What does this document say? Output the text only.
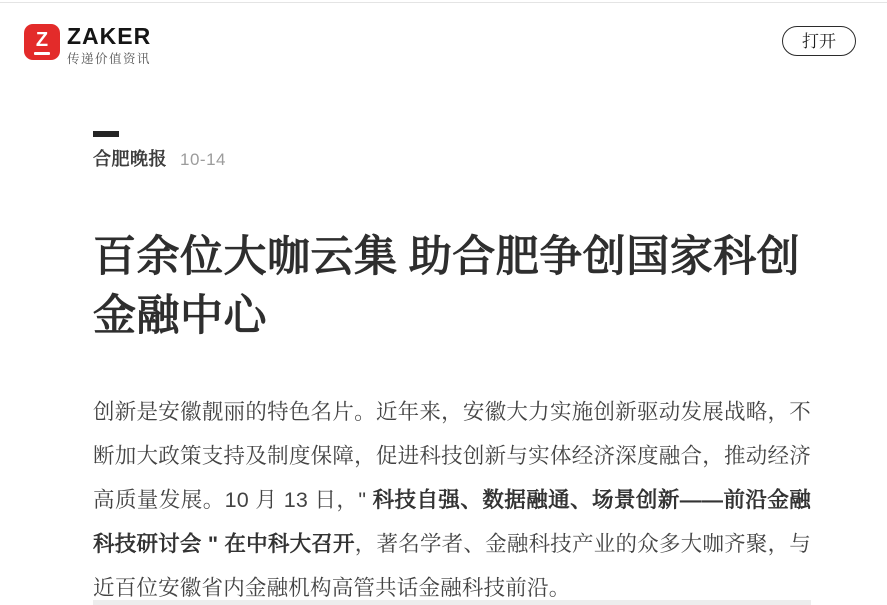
Z ZAKER
传递价值资讯
打开
合肥晚报 10-14
百余位大咖云集 助合肥争创国家科创金融中心

创新是安徽靓丽的特色名片。近年来，安徽大力实施创新驱动发展战略，不断加大政策支持及制度保障，促进科技创新与实体经济深度融合，推动经济高质量发展。10 月 13 日，" 科技自强、数据融通、场景创新——前沿金融科技研讨会 " 在中科大召开，著名学者、金融科技产业的众多大咖齐聚，与近百位安徽省内金融机构高管共话金融科技前沿。
